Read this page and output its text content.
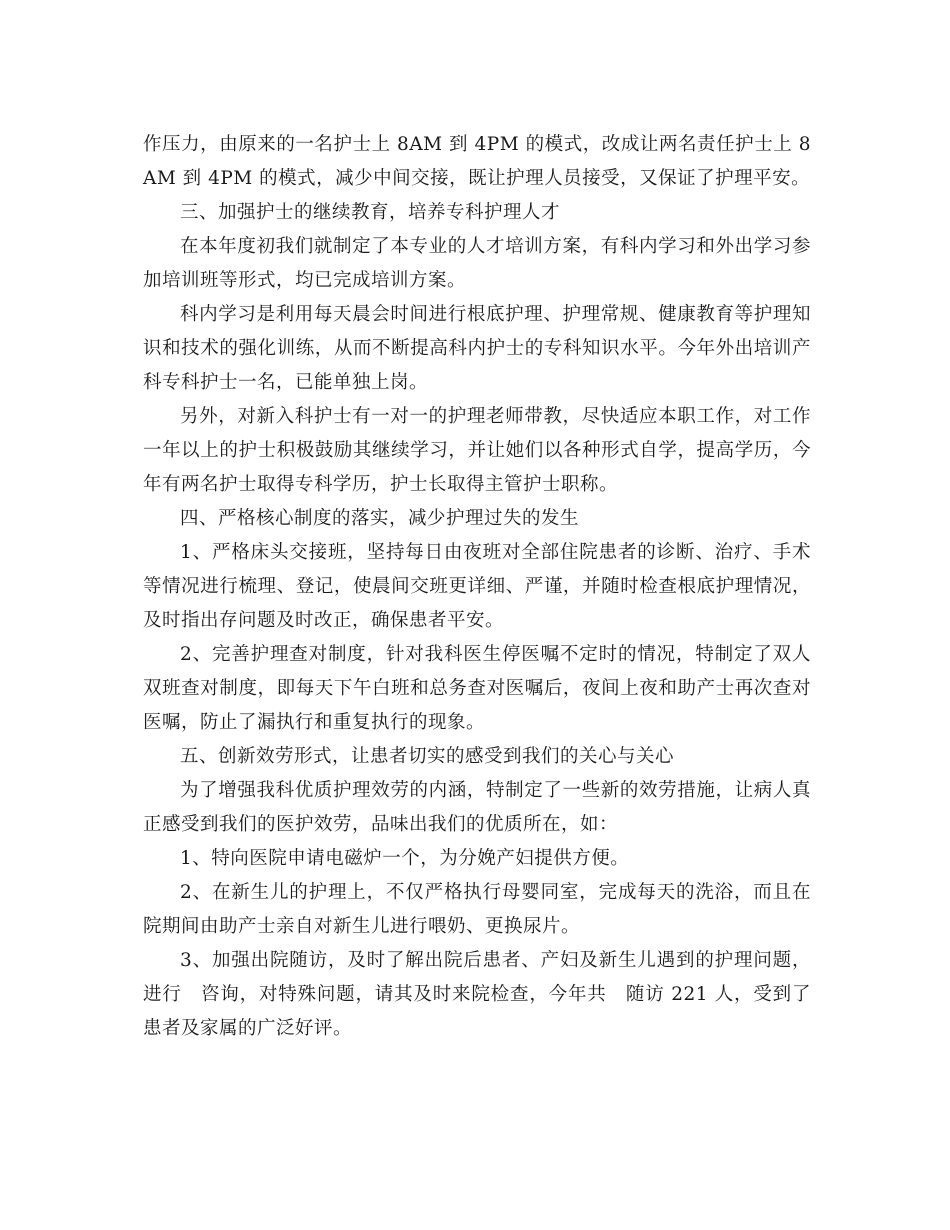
作压力，由原来的一名护士上 8AM 到 4PM 的模式，改成让两名责任护士上 8AM 到 4PM 的模式，减少中间交接，既让护理人员接受，又保证了护理平安。

三、加强护士的继续教育，培养专科护理人才

在本年度初我们就制定了本专业的人才培训方案，有科内学习和外出学习参加培训班等形式，均已完成培训方案。

科内学习是利用每天晨会时间进行根底护理、护理常规、健康教育等护理知识和技术的强化训练，从而不断提高科内护士的专科知识水平。今年外出培训产科专科护士一名，已能单独上岗。

另外，对新入科护士有一对一的护理老师带教，尽快适应本职工作，对工作一年以上的护士积极鼓励其继续学习，并让她们以各种形式自学，提高学历，今年有两名护士取得专科学历，护士长取得主管护士职称。

四、严格核心制度的落实，减少护理过失的发生

1、严格床头交接班，坚持每日由夜班对全部住院患者的诊断、治疗、手术等情况进行梳理、登记，使晨间交班更详细、严谨，并随时检查根底护理情况，及时指出存问题及时改正，确保患者平安。

2、完善护理查对制度，针对我科医生停医嘱不定时的情况，特制定了双人双班查对制度，即每天下午白班和总务查对医嘱后，夜间上夜和助产士再次查对医嘱，防止了漏执行和重复执行的现象。

五、创新效劳形式，让患者切实的感受到我们的关心与关心

为了增强我科优质护理效劳的内涵，特制定了一些新的效劳措施，让病人真正感受到我们的医护效劳，品味出我们的优质所在，如：

1、特向医院申请电磁炉一个，为分娩产妇提供方便。

2、在新生儿的护理上，不仅严格执行母婴同室，完成每天的洗浴，而且在院期间由助产士亲自对新生儿进行喂奶、更换尿片。

3、加强出院随访，及时了解出院后患者、产妇及新生儿遇到的护理问题，进行　咨询，对特殊问题，请其及时来院检查，今年共　随访 221 人，受到了患者及家属的广泛好评。
